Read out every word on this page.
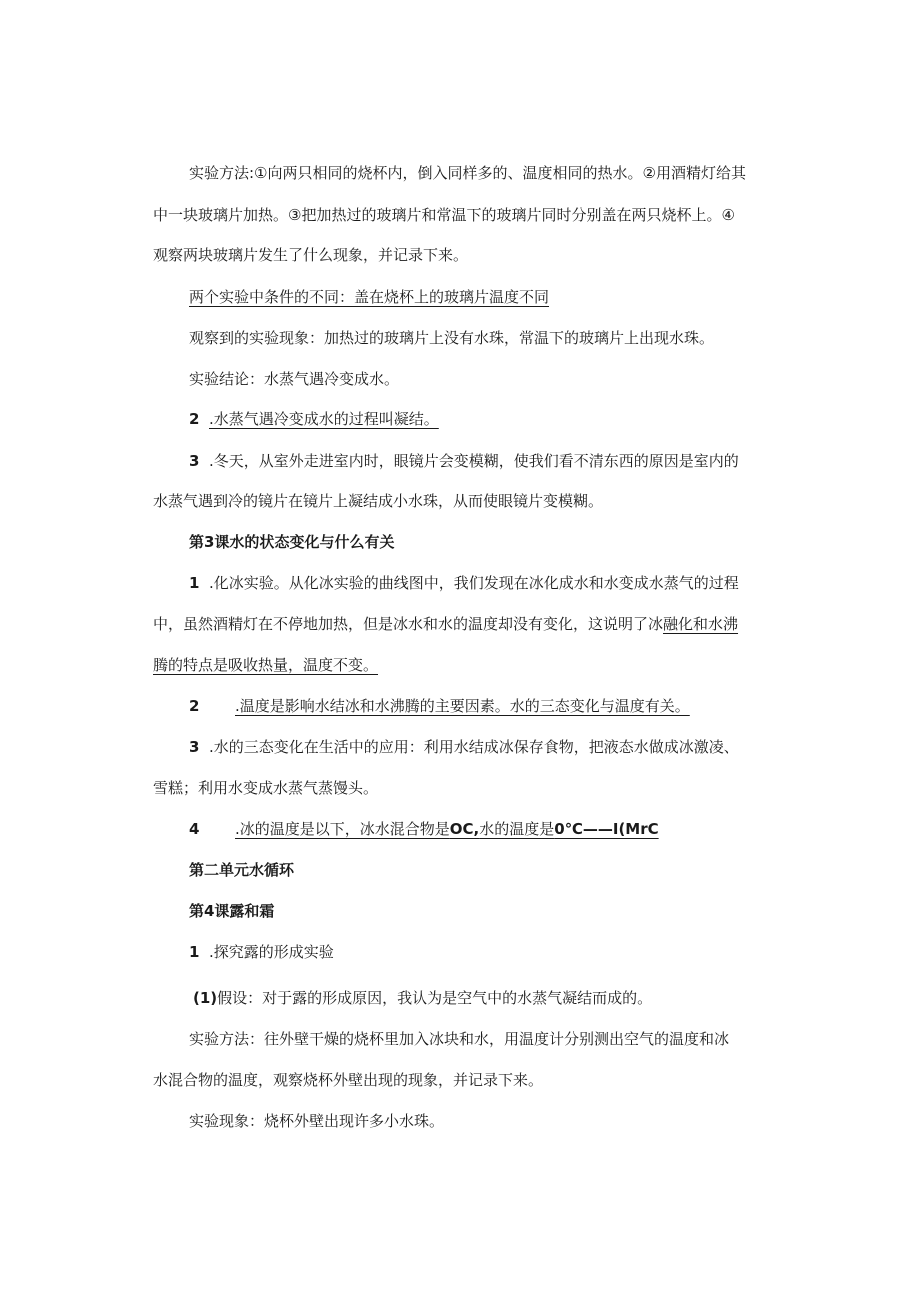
实验方法:①向两只相同的烧杯内，倒入同样多的、温度相同的热水。②用酒精灯给其
中一块玻璃片加热。③把加热过的玻璃片和常温下的玻璃片同时分别盖在两只烧杯上。④
观察两块玻璃片发生了什么现象，并记录下来。
两个实验中条件的不同：盖在烧杯上的玻璃片温度不同
观察到的实验现象：加热过的玻璃片上没有水珠，常温下的玻璃片上出现水珠。
实验结论：水蒸气遇冷变成水。
2 .水蒸气遇冷变成水的过程叫凝结。
3 .冬天，从室外走进室内时，眼镜片会变模糊，使我们看不清东西的原因是室内的
水蒸气遇到冷的镜片在镜片上凝结成小水珠，从而使眼镜片变模糊。
第3课水的状态变化与什么有关
1 .化冰实验。从化冰实验的曲线图中，我们发现在冰化成水和水变成水蒸气的过程
中，虽然酒精灯在不停地加热，但是冰水和水的温度却没有变化，这说明了冰融化和水沸
腾的特点是吸收热量，温度不变。
2 .温度是影响水结冰和水沸腾的主要因素。水的三态变化与温度有关。
3 .水的三态变化在生活中的应用：利用水结成冰保存食物，把液态水做成冰激凌、
雪糕；利用水变成水蒸气蒸馒头。
4 .冰的温度是以下，冰水混合物是OC,水的温度是0℃——I(MrC
第二单元水循环
第4课露和霜
1 .探究露的形成实验
(1)假设：对于露的形成原因，我认为是空气中的水蒸气凝结而成的。
实验方法：往外壁干燥的烧杯里加入冰块和水，用温度计分别测出空气的温度和冰
水混合物的温度，观察烧杯外壁出现的现象，并记录下来。
实验现象：烧杯外壁出现许多小水珠。
